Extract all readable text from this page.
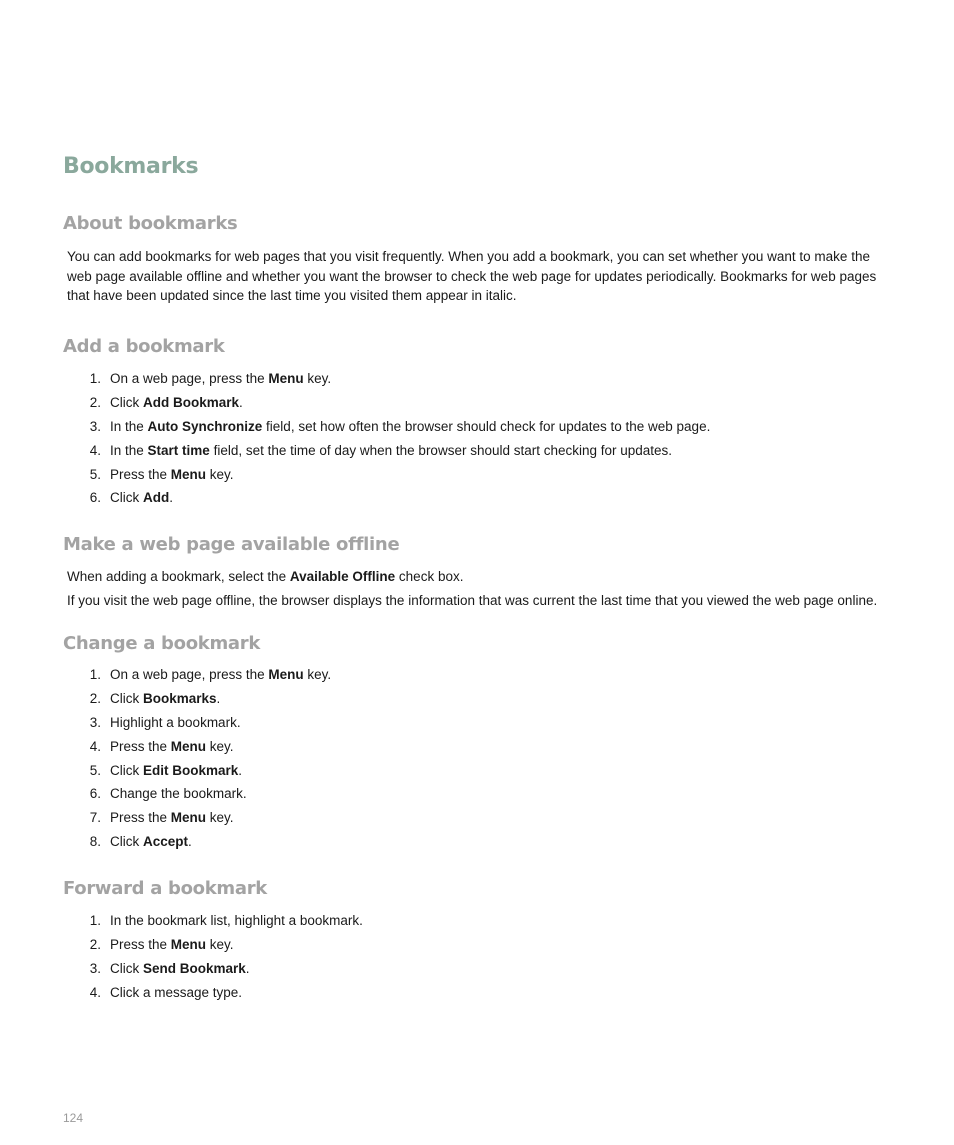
Bookmarks
About bookmarks
You can add bookmarks for web pages that you visit frequently. When you add a bookmark, you can set whether you want to make the
web page available offline and whether you want the browser to check the web page for updates periodically. Bookmarks for web pages
that have been updated since the last time you visited them appear in italic.
Add a bookmark
1 . On a web page, press the Menu key.
2 . Click Add Bookmark.
3 . In the Auto Synchronize field, set how often the browser should check for updates to the web page.
4 . In the Start time field, set the time of day when the browser should start checking for updates.
5 . Press the Menu key.
6 . Click Add.
Make a web page available offline
When adding a bookmark, select the Available Offline check box.
If you visit the web page offline, the browser displays the information that was current the last time that you viewed the web page online.
Change a bookmark
1 . On a web page, press the Menu key.
2 . Click Bookmarks.
3 . Highlight a bookmark.
4 . Press the Menu key.
5 . Click Edit Bookmark.
6 . Change the bookmark.
7 . Press the Menu key.
8 . Click Accept.
Forward a bookmark
1 . In the bookmark list, highlight a bookmark.
2 . Press the Menu key.
3 . Click Send Bookmark.
4 . Click a message type.
124
